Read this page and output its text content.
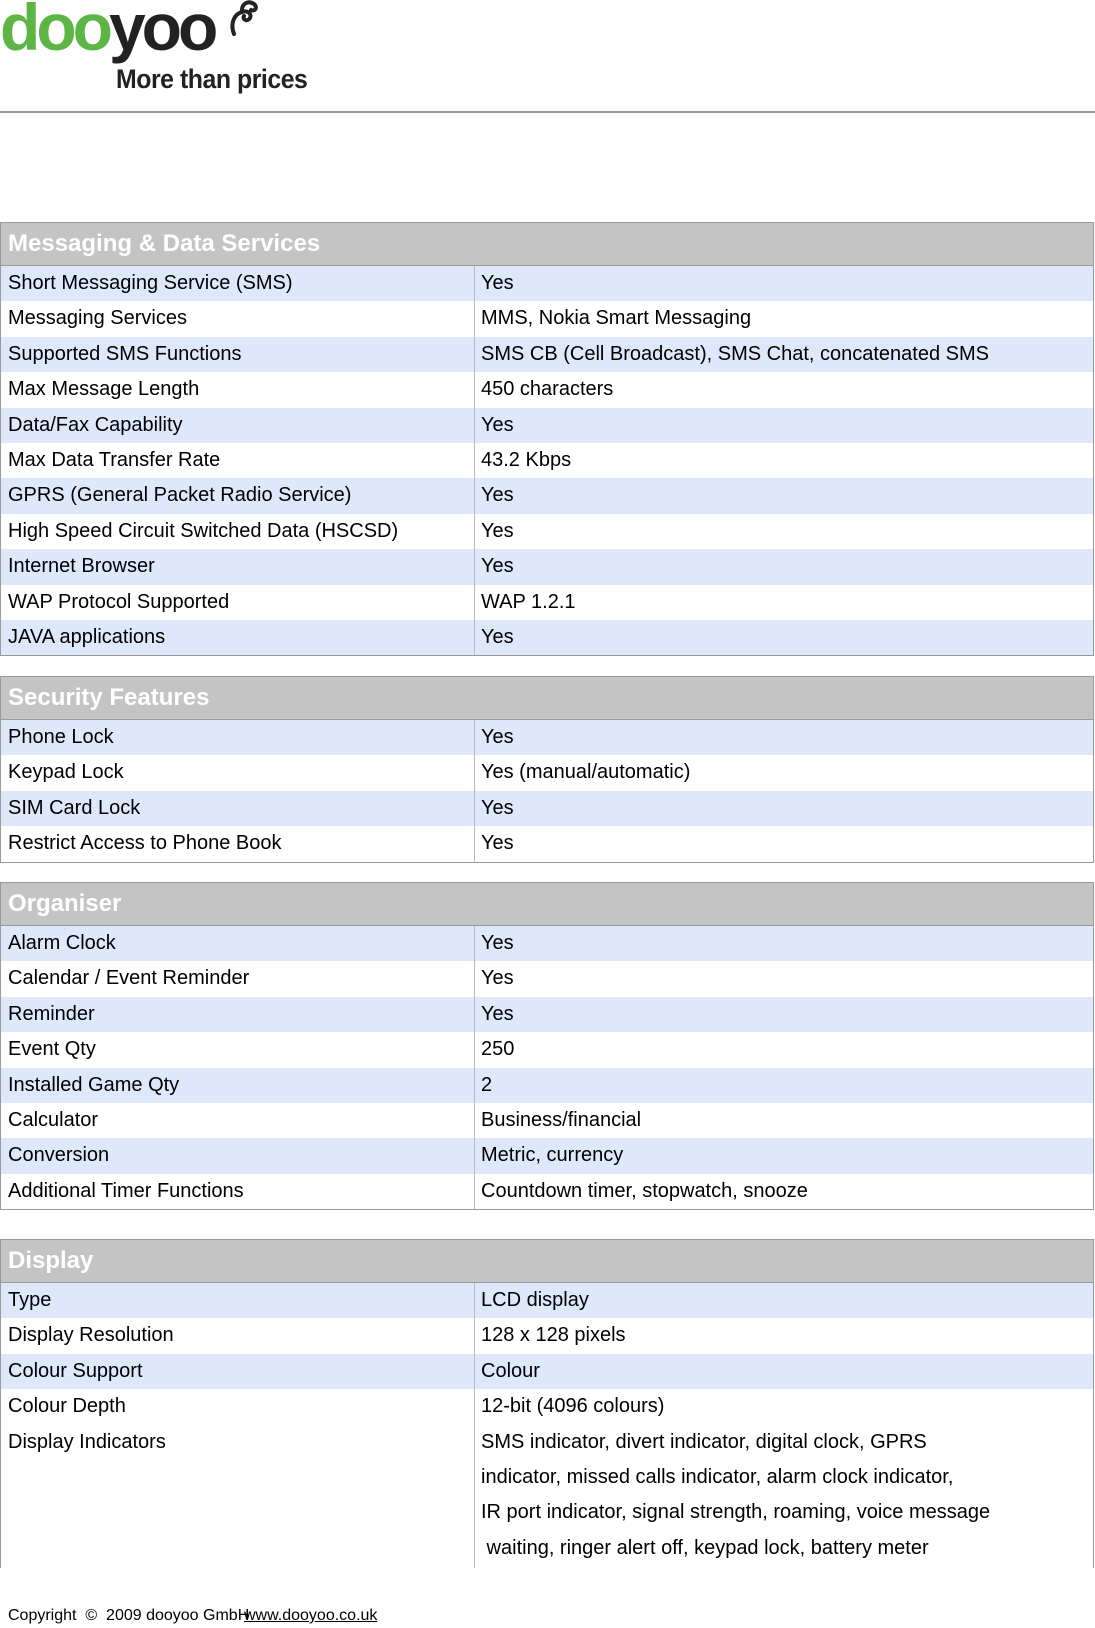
dooyoo
More than prices
Messaging & Data Services
Short Messaging Service (SMS)	Yes
Messaging Services	MMS, Nokia Smart Messaging
Supported SMS Functions	SMS CB (Cell Broadcast), SMS Chat, concatenated SMS
Max Message Length	450 characters
Data/Fax Capability	Yes
Max Data Transfer Rate	43.2 Kbps
GPRS (General Packet Radio Service)	Yes
High Speed Circuit Switched Data (HSCSD)	Yes
Internet Browser	Yes
WAP Protocol Supported	WAP 1.2.1
JAVA applications	Yes
Security Features
Phone Lock	Yes
Keypad Lock	Yes (manual/automatic)
SIM Card Lock	Yes
Restrict Access to Phone Book	Yes
Organiser
Alarm Clock	Yes
Calendar / Event Reminder	Yes
Reminder	Yes
Event Qty	250
Installed Game Qty	2
Calculator	Business/financial
Conversion	Metric, currency
Additional Timer Functions	Countdown timer, stopwatch, snooze
Display
Type	LCD display
Display Resolution	128 x 128 pixels
Colour Support	Colour
Colour Depth	12-bit (4096 colours)
Display Indicators	SMS indicator, divert indicator, digital clock, GPRS
indicator, missed calls indicator, alarm clock indicator,
IR port indicator, signal strength, roaming, voice message
waiting, ringer alert off, keypad lock, battery meter
Copyright  ©  2009 dooyoo GmbH
www.dooyoo.co.uk
